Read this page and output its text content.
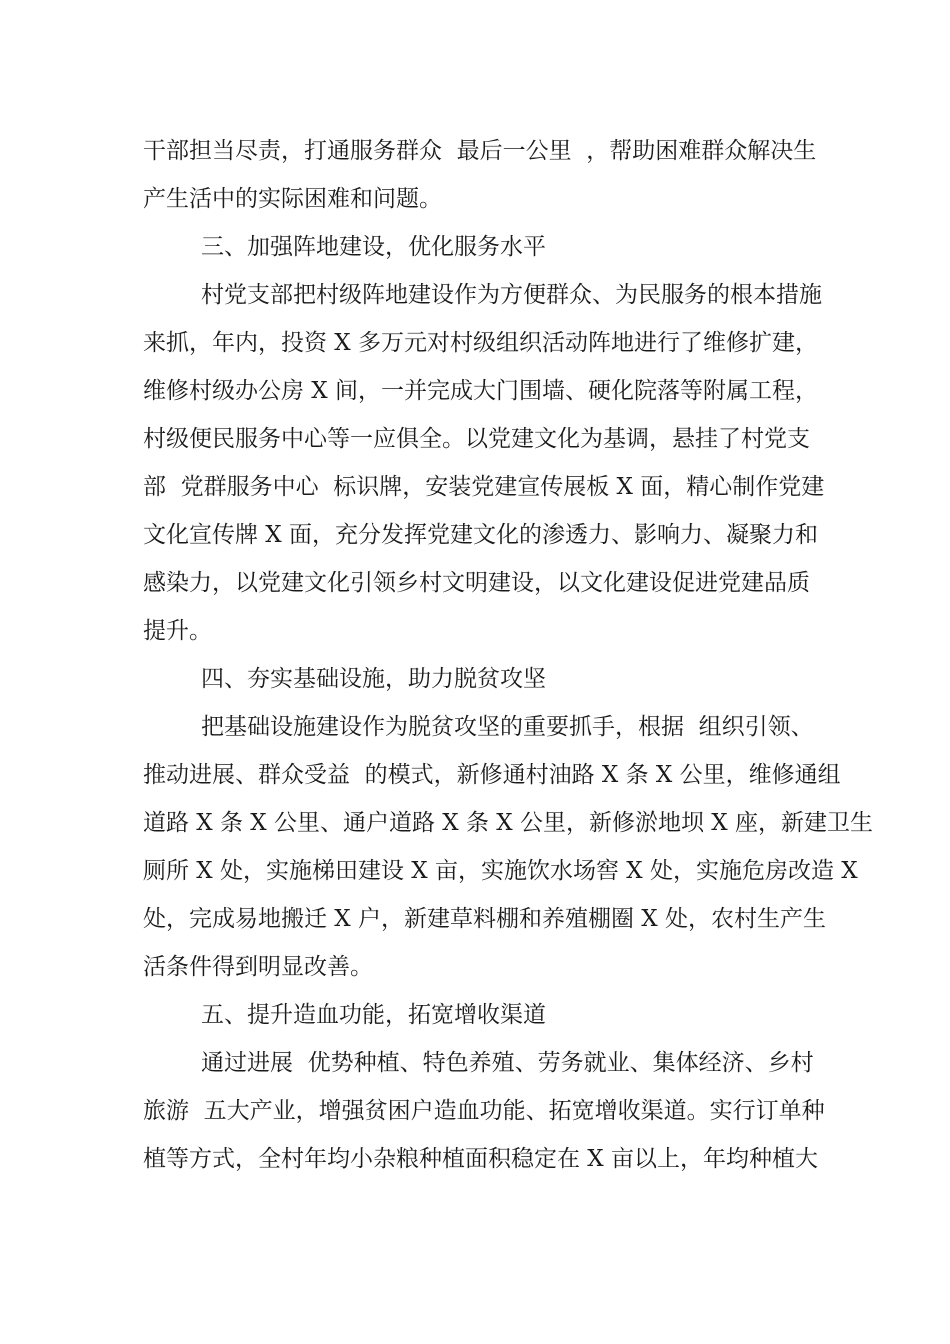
干部担当尽责，打通服务群众  最后一公里  ，帮助困难群众解决生
产生活中的实际困难和问题。
三、加强阵地建设，优化服务水平
村党支部把村级阵地建设作为方便群众、为民服务的根本措施
来抓，年内，投资 X 多万元对村级组织活动阵地进行了维修扩建，
维修村级办公房 X 间，一并完成大门围墙、硬化院落等附属工程，
村级便民服务中心等一应俱全。以党建文化为基调，悬挂了村党支
部  党群服务中心  标识牌，安装党建宣传展板 X 面，精心制作党建
文化宣传牌 X 面，充分发挥党建文化的渗透力、影响力、凝聚力和
感染力，以党建文化引领乡村文明建设，以文化建设促进党建品质
提升。
四、夯实基础设施，助力脱贫攻坚
把基础设施建设作为脱贫攻坚的重要抓手，根据  组织引领、
推动进展、群众受益  的模式，新修通村油路 X 条 X 公里，维修通组
道路 X 条 X 公里、通户道路 X 条 X 公里，新修淤地坝 X 座，新建卫生
厕所 X 处，实施梯田建设 X 亩，实施饮水场窖 X 处，实施危房改造 X
处，完成易地搬迁 X 户，新建草料棚和养殖棚圈 X 处，农村生产生
活条件得到明显改善。
五、提升造血功能，拓宽增收渠道
通过进展  优势种植、特色养殖、劳务就业、集体经济、乡村
旅游  五大产业，增强贫困户造血功能、拓宽增收渠道。实行订单种
植等方式，全村年均小杂粮种植面积稳定在 X 亩以上，年均种植大
